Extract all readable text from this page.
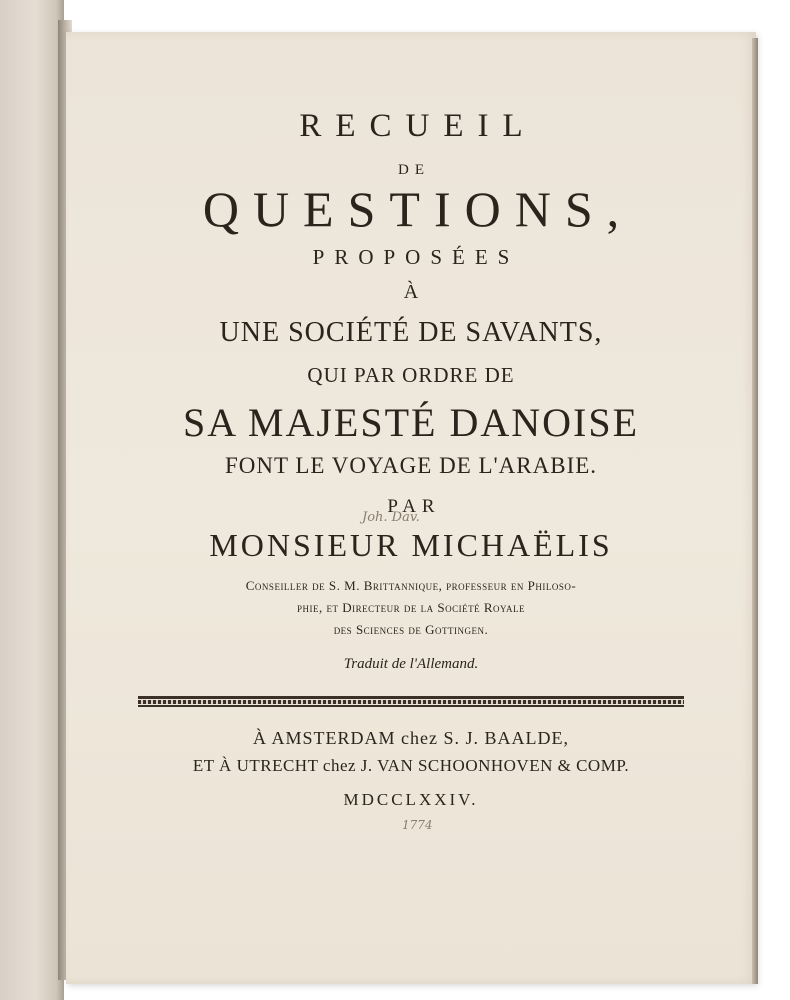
RECUEIL
DE
QUESTIONS,
PROPOSÉES
À
UNE SOCIÉTÉ DE SAVANTS,
QUI PAR ORDRE DE
SA MAJESTÉ DANOISE
FONT LE VOYAGE DE L'ARABIE.
PAR
Joh. Dav.
MONSIEUR MICHAËLIS
Conseiller de S. M. Brittannique, professeur en Philoso-
phie, et Directeur de la Société Royale
des Sciences de Gottingen.
Traduit de l'Allemand.
À AMSTERDAM chez S. J. BAALDE,
ET À UTRECHT chez J. VAN SCHOONHOVEN & COMP.
MDCCLXXIV.
1774
